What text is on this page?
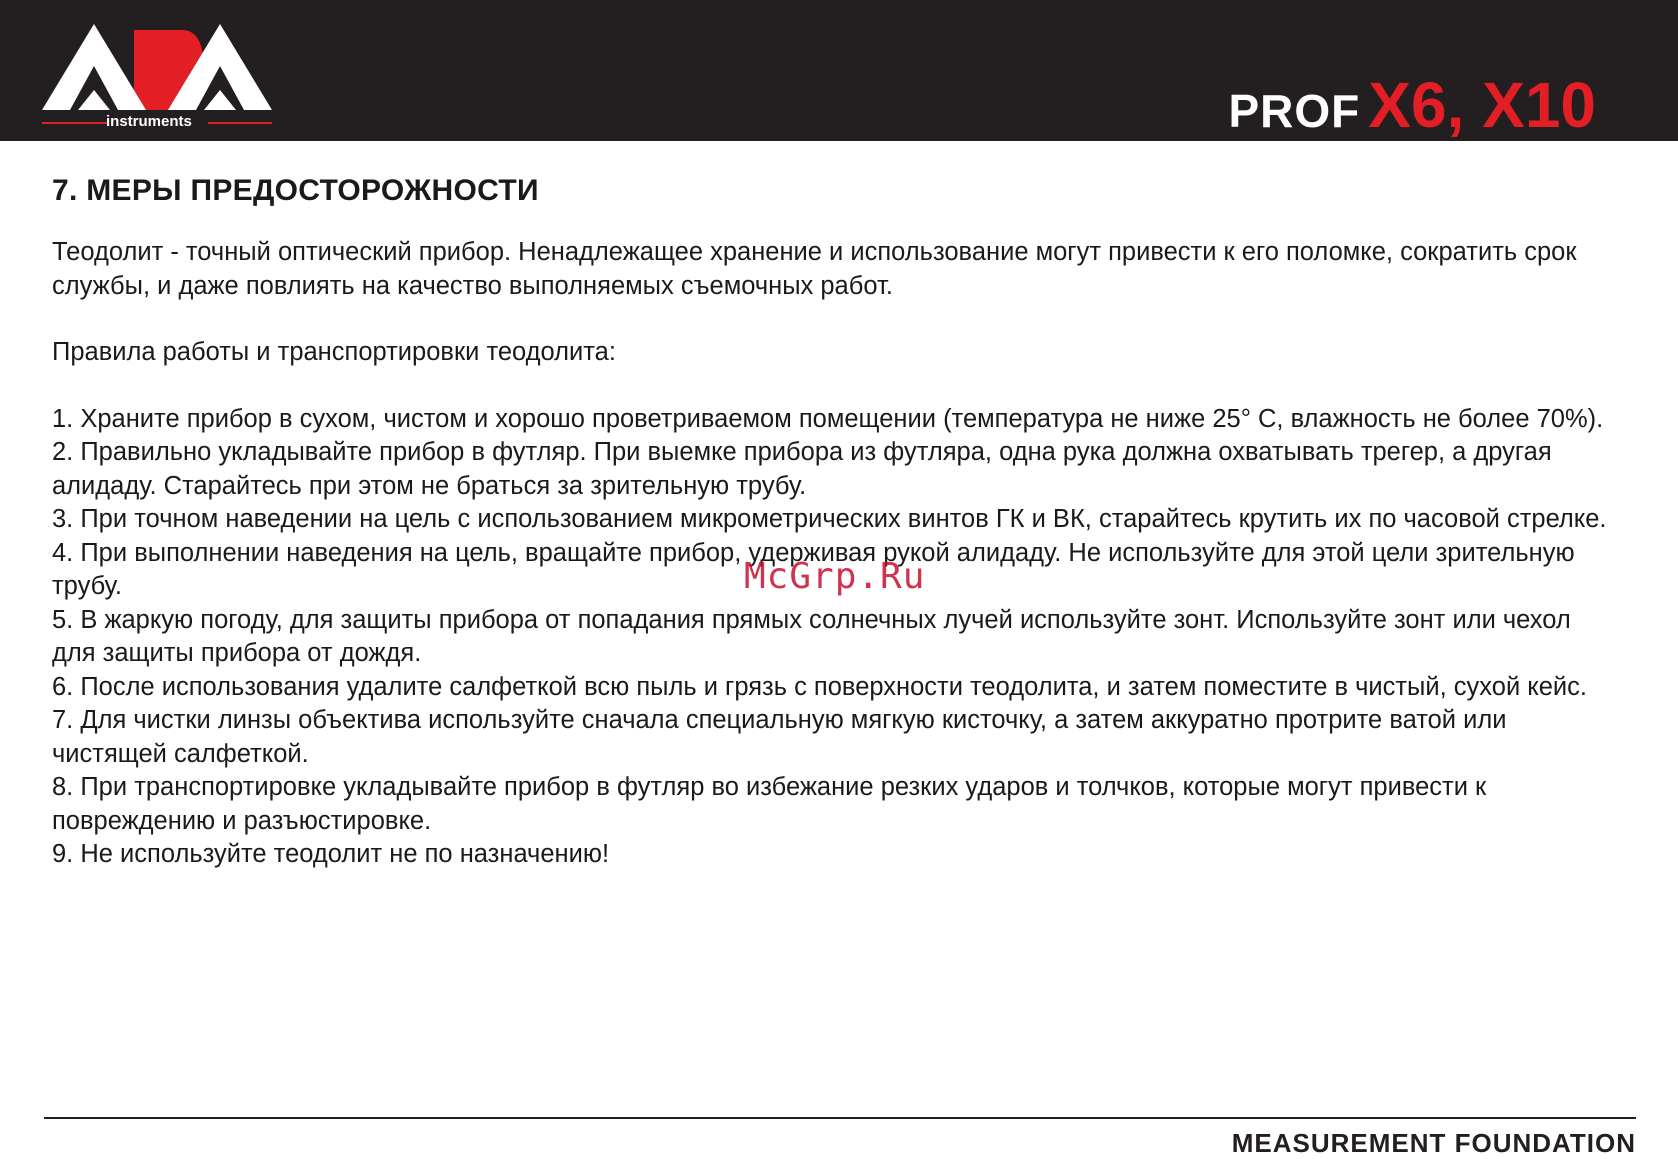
instruments	PROF X6, X10
7. МЕРЫ ПРЕДОСТОРОЖНОСТИ

Теодолит - точный оптический прибор. Ненадлежащее хранение и использование могут привести к его поломке, сократить срок службы, и даже повлиять на качество выполняемых съемочных работ.

Правила работы и транспортировки теодолита:

1. Храните прибор в сухом, чистом и хорошо проветриваемом помещении (температура не ниже 25° С, влажность не более 70%).
2. Правильно укладывайте прибор в футляр. При выемке прибора из футляра, одна рука должна охватывать трегер, а другая алидаду. Старайтесь при этом не браться за зрительную трубу.
3. При точном наведении на цель с использованием микрометрических винтов ГК и ВК, старайтесь крутить их по часовой стрелке.
4. При выполнении наведения на цель, вращайте прибор, удерживая рукой алидаду. Не используйте для этой цели зрительную трубу.
5. В жаркую погоду, для защиты прибора от попадания прямых солнечных лучей используйте зонт. Используйте зонт или чехол для защиты прибора от дождя.
6. После использования удалите салфеткой всю пыль и грязь с поверхности теодолита, и затем поместите в чистый, сухой кейс.
7. Для чистки линзы объектива используйте сначала специальную мягкую кисточку, а затем аккуратно протрите ватой или чистящей салфеткой.
8. При транспортировке укладывайте прибор в футляр во избежание резких ударов и толчков, которые могут привести к повреждению и разъюстировке.
9. Не используйте теодолит не по назначению!
McGrp.Ru
MEASUREMENT FOUNDATION
